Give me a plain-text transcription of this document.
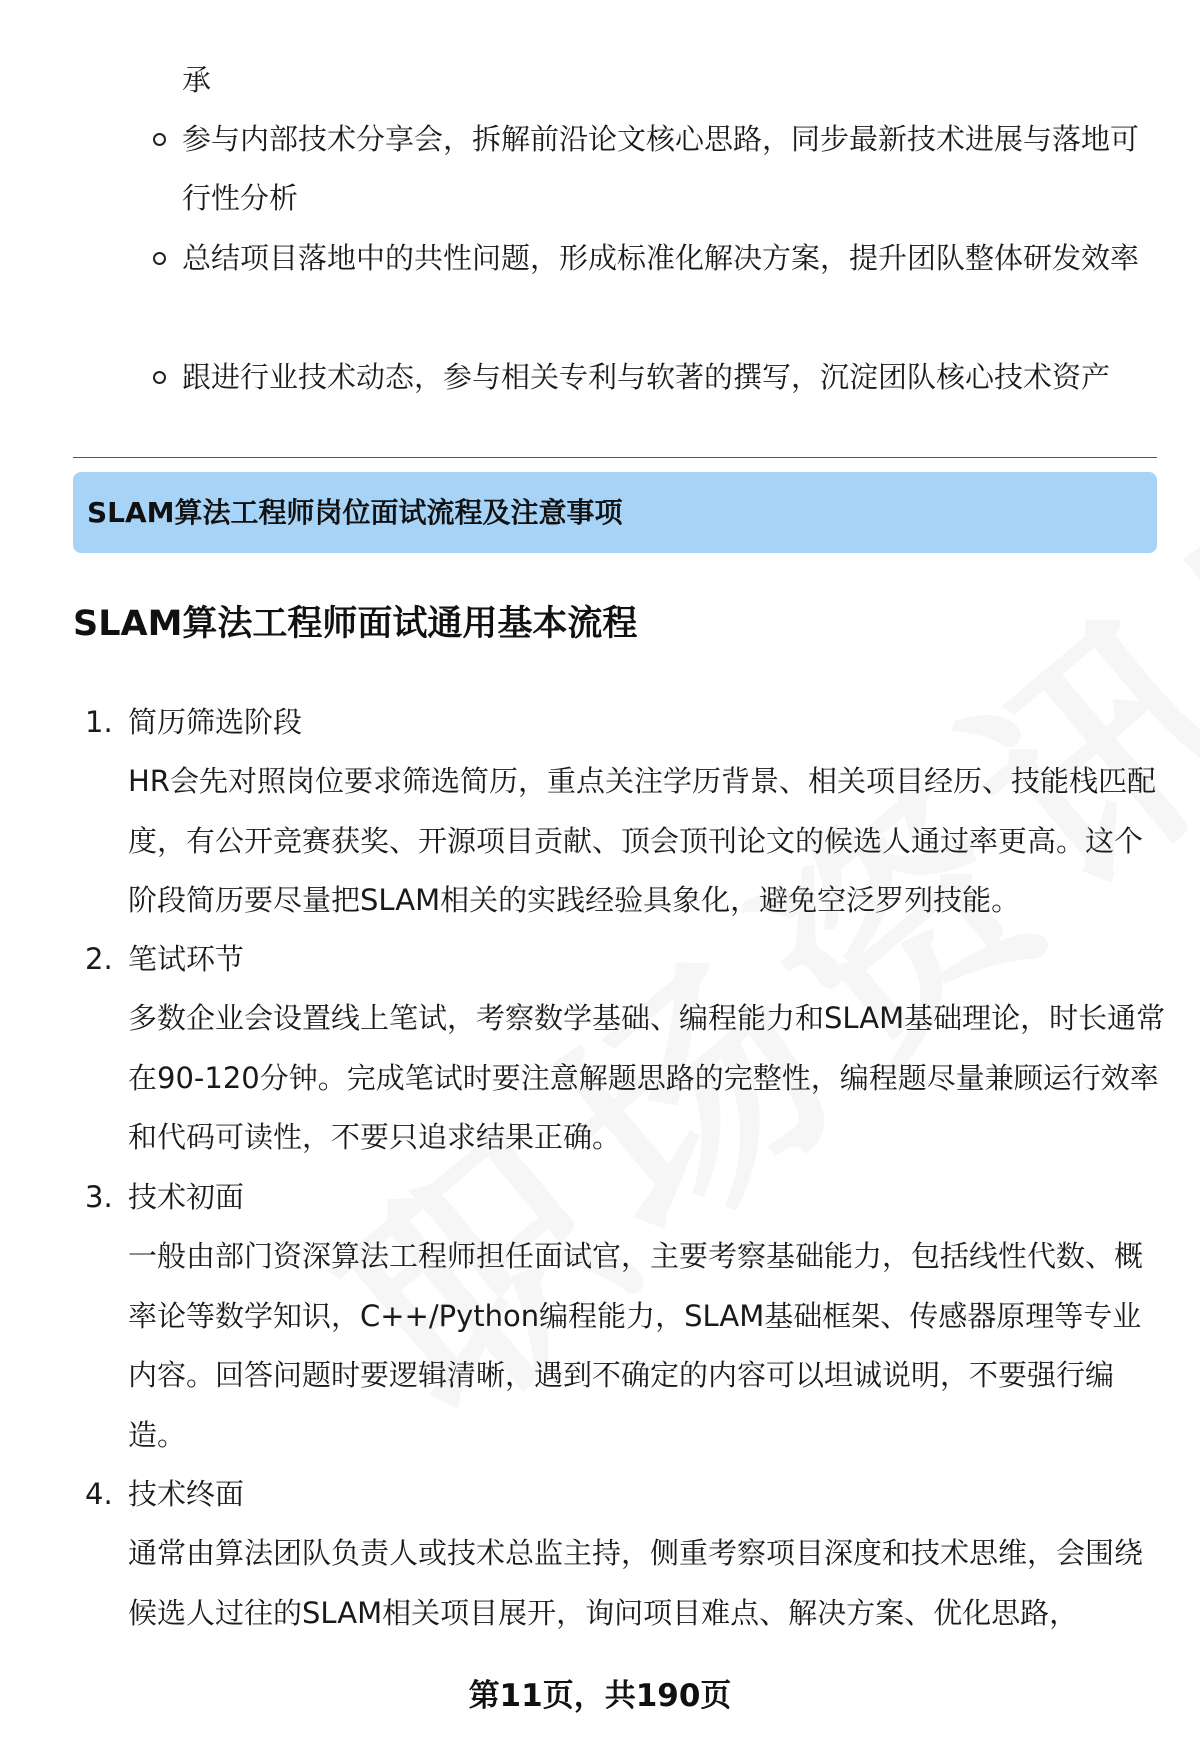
承
参与内部技术分享会，拆解前沿论文核心思路，同步最新技术进展与落地可行性分析
总结项目落地中的共性问题，形成标准化解决方案，提升团队整体研发效率
跟进行业技术动态，参与相关专利与软著的撰写，沉淀团队核心技术资产
SLAM算法工程师岗位面试流程及注意事项
SLAM算法工程师面试通用基本流程
1. 简历筛选阶段
HR会先对照岗位要求筛选简历，重点关注学历背景、相关项目经历、技能栈匹配度，有公开竞赛获奖、开源项目贡献、顶会顶刊论文的候选人通过率更高。这个阶段简历要尽量把SLAM相关的实践经验具象化，避免空泛罗列技能。
2. 笔试环节
多数企业会设置线上笔试，考察数学基础、编程能力和SLAM基础理论，时长通常在90-120分钟。完成笔试时要注意解题思路的完整性，编程题尽量兼顾运行效率和代码可读性，不要只追求结果正确。
3. 技术初面
一般由部门资深算法工程师担任面试官，主要考察基础能力，包括线性代数、概率论等数学知识，C++/Python编程能力，SLAM基础框架、传感器原理等专业内容。回答问题时要逻辑清晰，遇到不确定的内容可以坦诚说明，不要强行编造。
4. 技术终面
通常由算法团队负责人或技术总监主持，侧重考察项目深度和技术思维，会围绕候选人过往的SLAM相关项目展开，询问项目难点、解决方案、优化思路，
第11页，共190页
